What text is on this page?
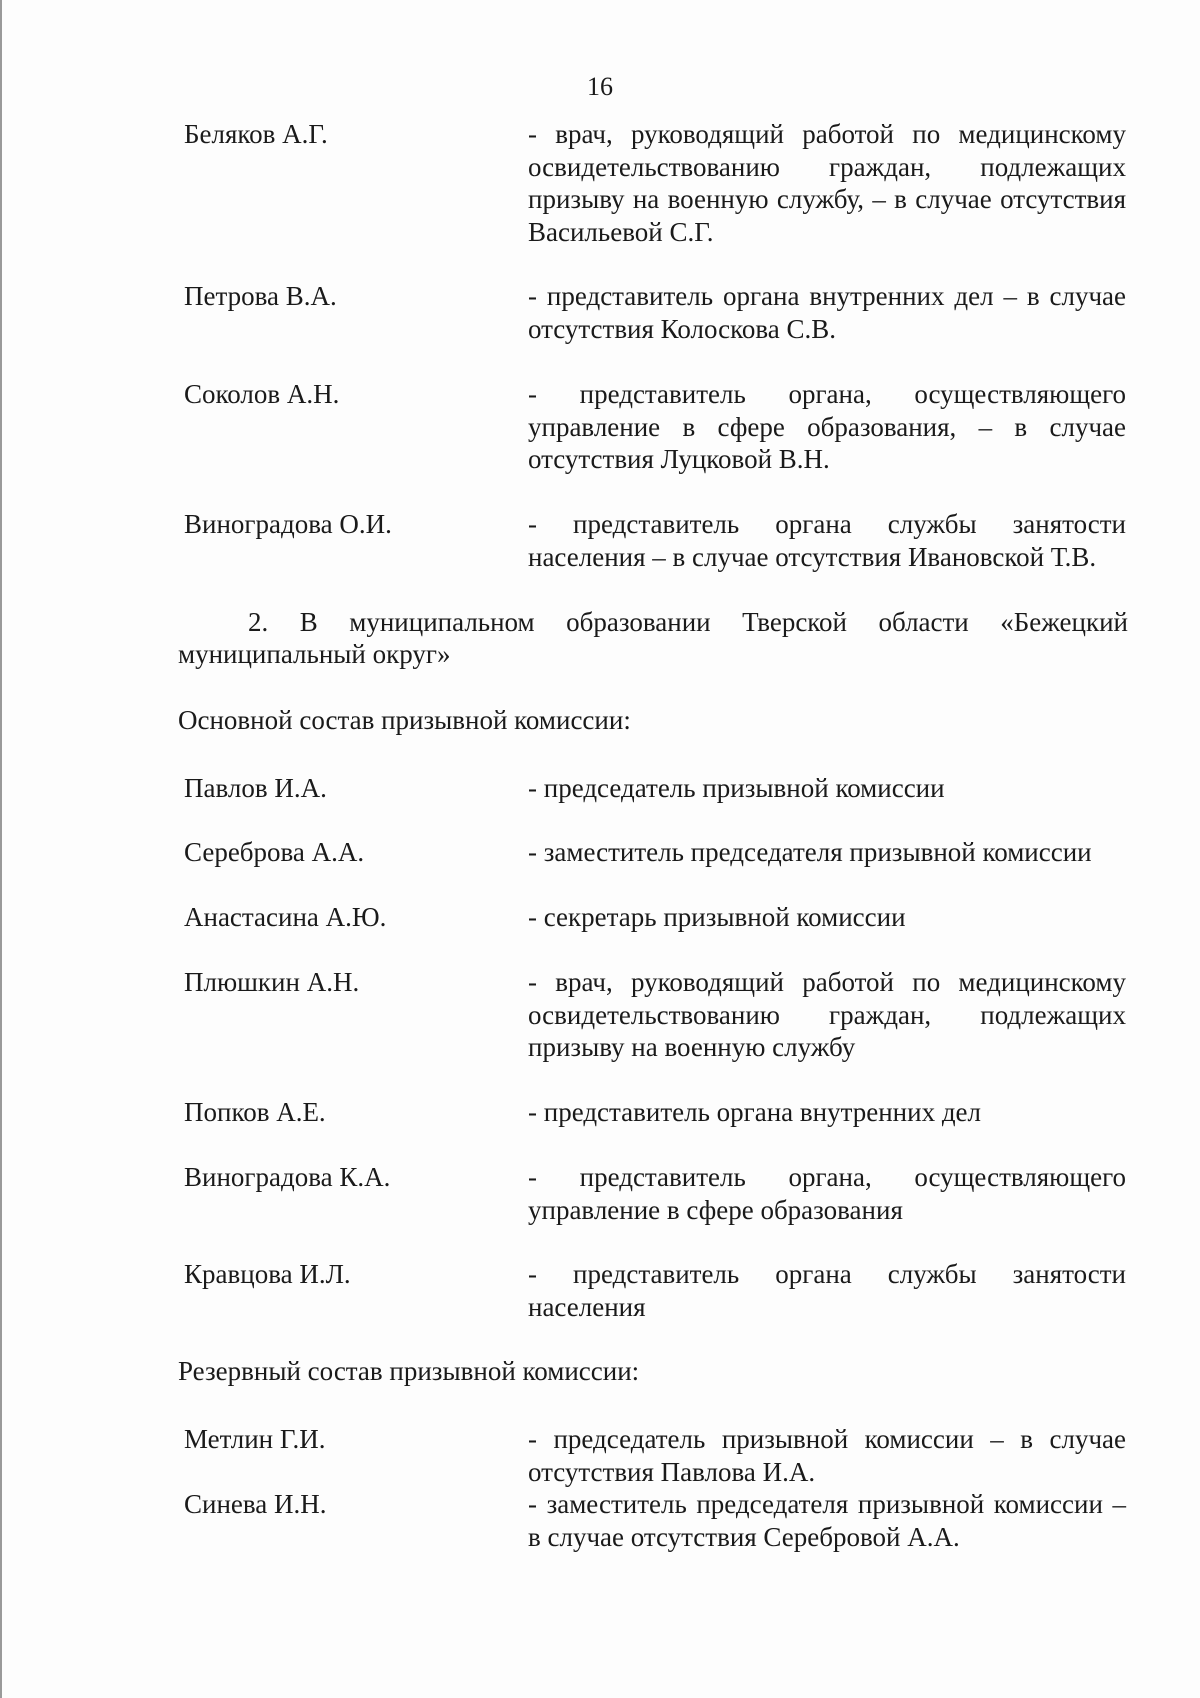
16
Беляков А.Г.	- врач, руководящий работой по медицинскому освидетельствованию граждан, подлежащих призыву на военную службу, – в случае отсутствия Васильевой С.Г.
Петрова В.А.	- представитель органа внутренних дел – в случае отсутствия Колоскова С.В.
Соколов А.Н.	- представитель органа, осуществляющего управление в сфере образования, – в случае отсутствия Луцковой В.Н.
Виноградова О.И.	- представитель органа службы занятости населения – в случае отсутствия Ивановской Т.В.
2. В муниципальном образовании Тверской области «Бежецкий муниципальный округ»
Основной состав призывной комиссии:
Павлов И.А.	- председатель призывной комиссии
Сереброва А.А.	- заместитель председателя призывной комиссии
Анастасина А.Ю.	- секретарь призывной комиссии
Плюшкин А.Н.	- врач, руководящий работой по медицинскому освидетельствованию граждан, подлежащих призыву на военную службу
Попков А.Е.	- представитель органа внутренних дел
Виноградова К.А.	- представитель органа, осуществляющего управление в сфере образования
Кравцова И.Л.	- представитель органа службы занятости населения
Резервный состав призывной комиссии:
Метлин Г.И.	- председатель призывной комиссии – в случае отсутствия Павлова И.А.
Синева И.Н.	- заместитель председателя призывной комиссии – в случае отсутствия Серебровой А.А.
